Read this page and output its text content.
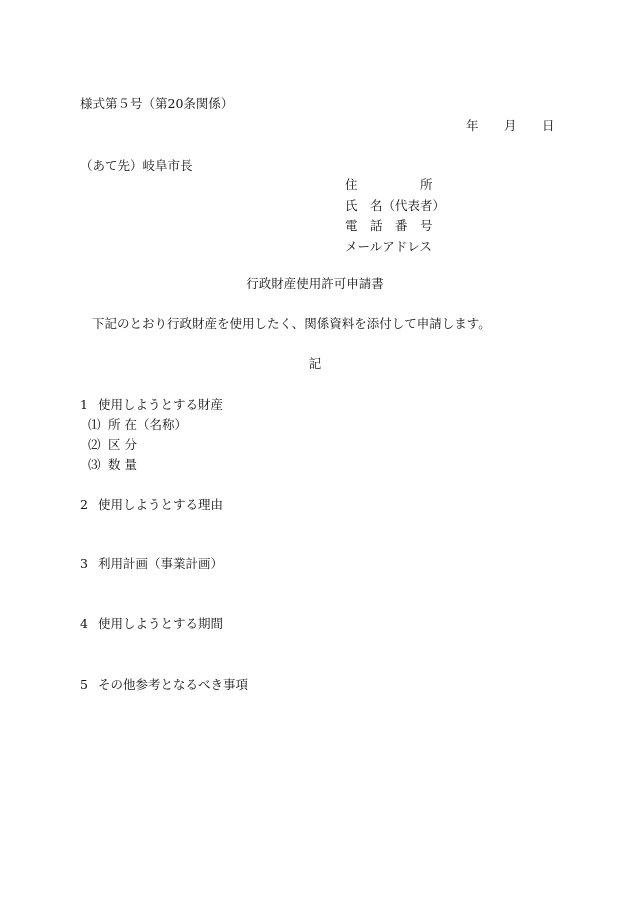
様式第５号（第20条関係）
年	月	日
（あて先）岐阜市長
住　　　　　所
氏　名（代表者）
電　話　番　号
メールアドレス
行政財産使用許可申請書
下記のとおり行政財産を使用したく、関係資料を添付して申請します。
記
1 使用しようとする財産
⑴ 所 在（名称）
⑵ 区 分
⑶ 数 量
2 使用しようとする理由
3 利用計画（事業計画）
4 使用しようとする期間
5 その他参考となるべき事項
